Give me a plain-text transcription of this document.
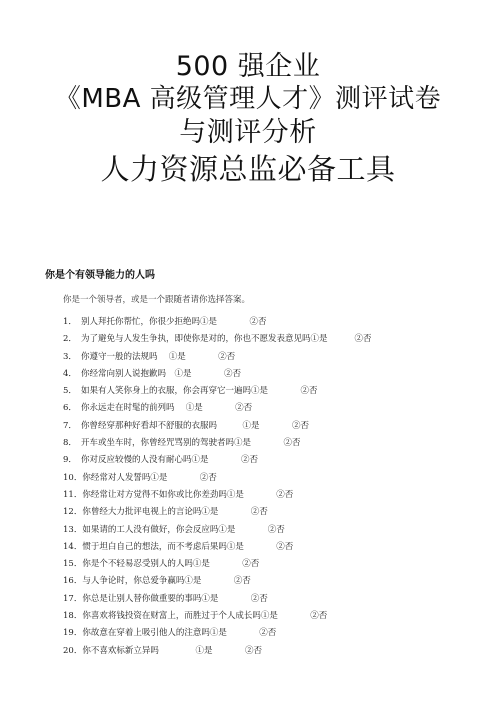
500 强企业
《MBA 高级管理人才》测评试卷
与测评分析
人力资源总监必备工具
你是个有领导能力的人吗
你是一个领导者，或是一个跟随者请你选择答案。
1． 别人拜托你帮忙，你很少拒绝吗①是	②否
2． 为了避免与人发生争执，即使你是对的，你也不愿发表意见吗①是	②否
3． 你遵守一般的法规吗　 ①是	②否
4． 你经常向别人说抱歉吗　①是	②否
5． 如果有人笑你身上的衣服，你会再穿它一遍吗①是	②否
6． 你永远走在时髦的前列吗　 ①是	②否
7． 你曾经穿那种好看却不舒服的衣服吗　　　①是	②否
8． 开车或坐车时，你曾经咒骂别的驾驶者吗①是	②否
9． 你对反应较慢的人没有耐心吗①是	②否
10．你经常对人发誓吗①是	②否
11．你经常让对方觉得不如你或比你差劲吗①是	②否
12．你曾经大力批评电视上的言论吗①是	②否
13．如果请的工人没有做好，你会反应吗①是	②否
14．惯于坦白自己的想法，而不考虑后果吗①是	②否
15．你是个不轻易忍受别人的人吗①是	②否
16．与人争论时，你总爱争赢吗①是	②否
17．你总是让别人替你做重要的事吗①是	②否
18．你喜欢将钱投资在财富上，而胜过于个人成长吗①是	②否
19．你故意在穿着上吸引他人的注意吗①是	②否
20．你不喜欢标新立异吗　　　　 ①是	②否
